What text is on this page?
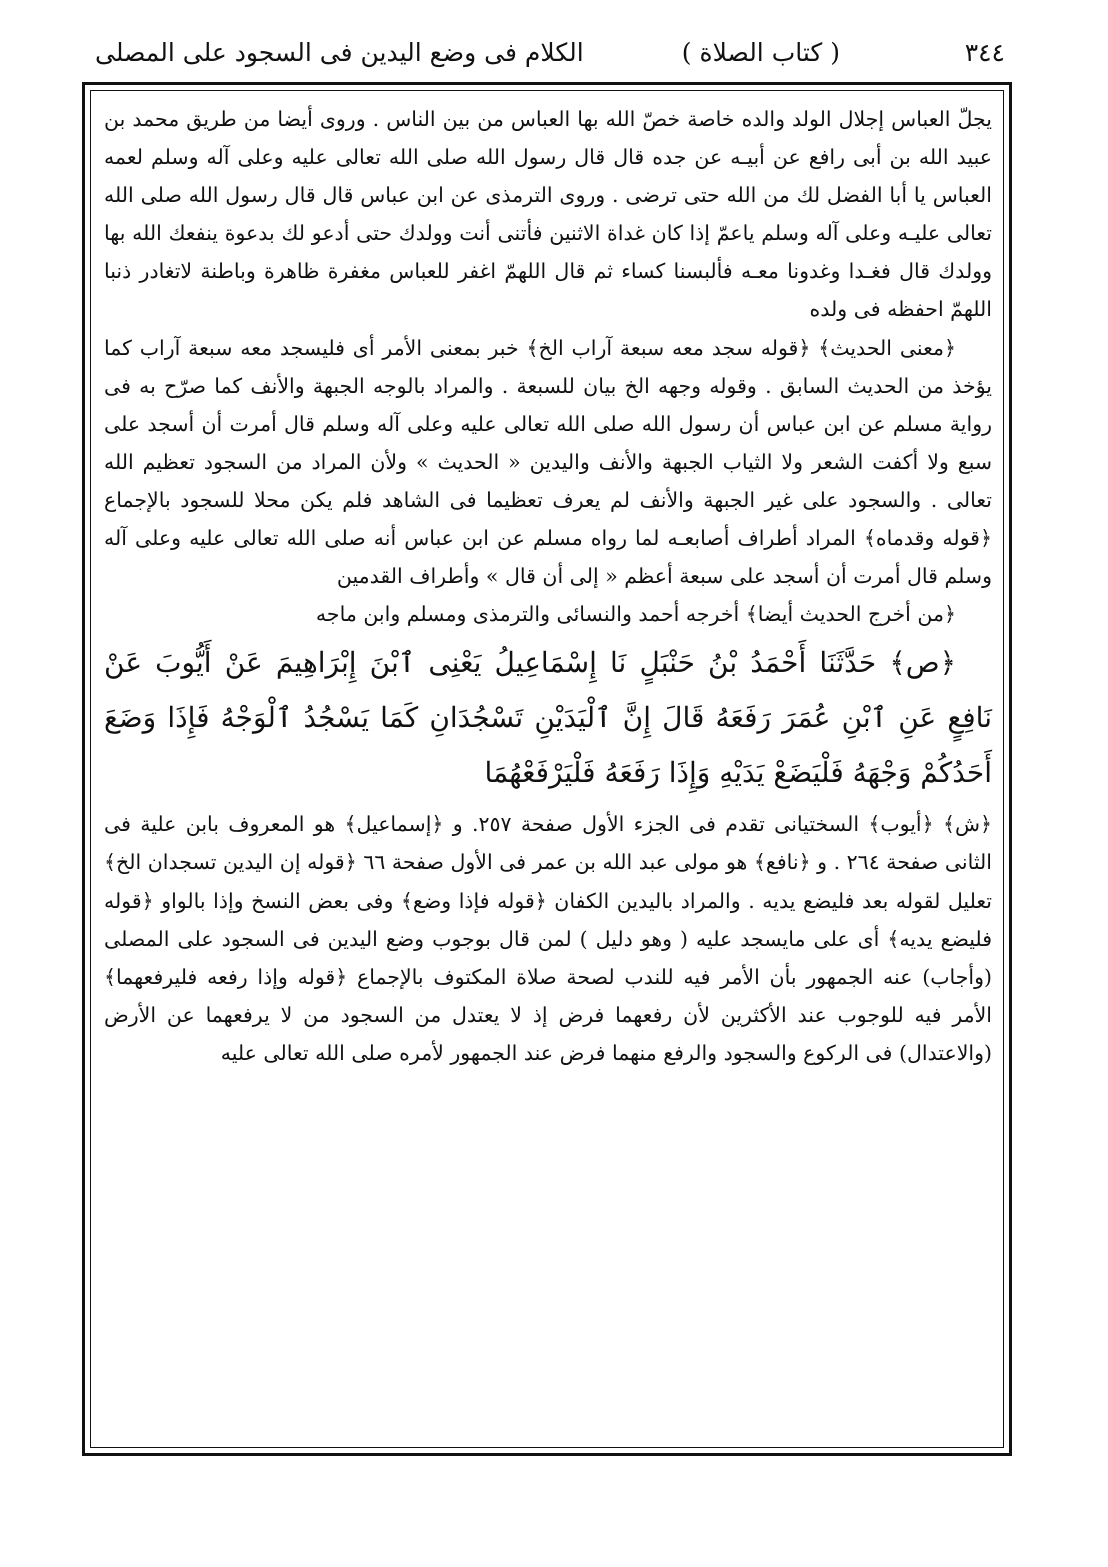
٣٤٤
( كتاب الصلاة )
الكلام فى وضع اليدين فى السجود على المصلى

يجلّ العباس إجلال الولد والده خاصة خصّ الله بها العباس من بين الناس . وروى أيضا من طريق محمد بن عبيد الله بن أبى رافع عن أبيـه عن جده قال قال رسول الله صلى الله تعالى عليه وعلى آله وسلم لعمه العباس يا أبا الفضل لك من الله حتى ترضى . وروى الترمذى عن ابن عباس قال قال رسول الله صلى الله تعالى عليـه وعلى آله وسلم ياعمّ إذا كان غداة الاثنين فأتنى أنت وولدك حتى أدعو لك بدعوة ينفعك الله بها وولدك قال فغـدا وغدونا معـه فألبسنا كساء ثم قال اللهمّ اغفر للعباس مغفرة ظاهرة وباطنة لاتغادر ذنبا اللهمّ احفظه فى ولده

﴿معنى الحديث﴾ ﴿قوله سجد معه سبعة آراب الخ﴾ خبر بمعنى الأمر أى فليسجد معه سبعة آراب كما يؤخذ من الحديث السابق . وقوله وجهه الخ بيان للسبعة . والمراد بالوجه الجبهة والأنف كما صرّح به فى رواية مسلم عن ابن عباس أن رسول الله صلى الله تعالى عليه وعلى آله وسلم قال أمرت أن أسجد على سبع ولا أكفت الشعر ولا الثياب الجبهة والأنف واليدين « الحديث » ولأن المراد من السجود تعظيم الله تعالى . والسجود على غير الجبهة والأنف لم يعرف تعظيما فى الشاهد فلم يكن محلا للسجود بالإجماع ﴿قوله وقدماه﴾ المراد أطراف أصابعـه لما رواه مسلم عن ابن عباس أنه صلى الله تعالى عليه وعلى آله وسلم قال أمرت أن أسجد على سبعة أعظم « إلى أن قال » وأطراف القدمين

﴿من أخرج الحديث أيضا﴾ أخرجه أحمد والنسائى والترمذى ومسلم وابن ماجه

﴿ص﴾ حَدَّثَنَا أَحْمَدُ بْنُ حَنْبَلٍ نَا إِسْمَاعِيلُ يَعْنِى ٱبْنَ إِبْرَاهِيمَ عَنْ أَيُّوبَ عَنْ نَافِعٍ عَنِ ٱبْنِ عُمَرَ رَفَعَهُ قَالَ إِنَّ ٱلْيَدَيْنِ تَسْجُدَانِ كَمَا يَسْجُدُ ٱلْوَجْهُ فَإِذَا وَضَعَ أَحَدُكُمْ وَجْهَهُ فَلْيَضَعْ يَدَيْهِ وَإِذَا رَفَعَهُ فَلْيَرْفَعْهُمَا

﴿ش﴾ ﴿أيوب﴾ السختيانى تقدم فى الجزء الأول صفحة ٢٥٧. و ﴿إسماعيل﴾ هو المعروف بابن علية فى الثانى صفحة ٢٦٤ . و ﴿نافع﴾ هو مولى عبد الله بن عمر فى الأول صفحة ٦٦ ﴿قوله إن اليدين تسجدان الخ﴾ تعليل لقوله بعد فليضع يديه . والمراد باليدين الكفان ﴿قوله فإذا وضع﴾ وفى بعض النسخ وإذا بالواو ﴿قوله فليضع يديه﴾ أى على مايسجد عليه ( وهو دليل ) لمن قال بوجوب وضع اليدين فى السجود على المصلى (وأجاب) عنه الجمهور بأن الأمر فيه للندب لصحة صلاة المكتوف بالإجماع ﴿قوله وإذا رفعه فليرفعهما﴾ الأمر فيه للوجوب عند الأكثرين لأن رفعهما فرض إذ لا يعتدل من السجود من لا يرفعهما عن الأرض (والاعتدال) فى الركوع والسجود والرفع منهما فرض عند الجمهور لأمره صلى الله تعالى عليه
